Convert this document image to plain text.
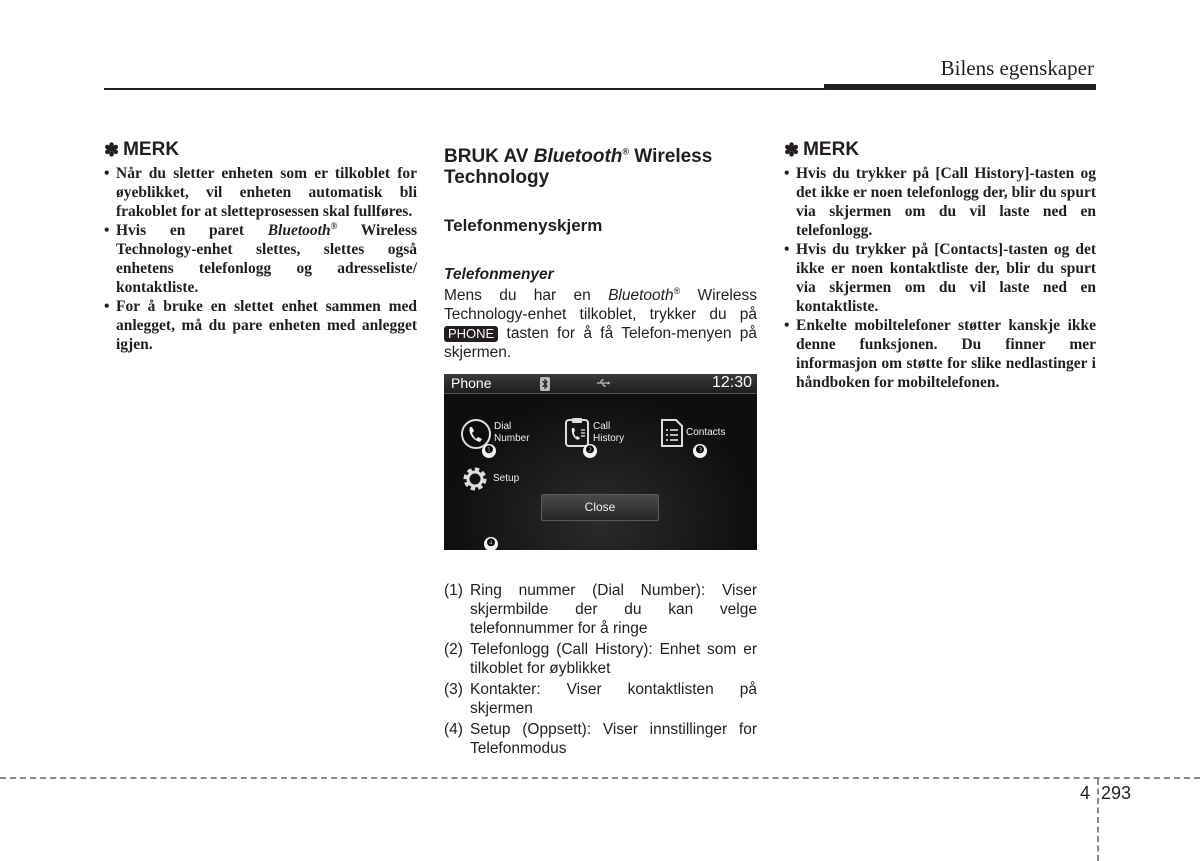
Bilens egenskaper
✽ MERK
• Når du sletter enheten som er tilkoblet for øyeblikket, vil enheten automatisk bli frakoblet for at sletteprosessen skal fullføres.
• Hvis en paret Bluetooth® Wireless Technology-enhet slettes, slettes også enhetens telefonlogg og adresseliste/ kontaktliste.
• For å bruke en slettet enhet sammen med anlegget, må du pare enheten med anlegget igjen.
BRUK AV Bluetooth® Wireless Technology
Telefonmenyskjerm
Telefonmenyer
Mens du har en Bluetooth® Wireless Technology-enhet tilkoblet, trykker du på PHONE tasten for å få Telefon-menyen på skjermen.
Phone	12:30
Dial
Number
Call
History
Contacts
Setup
❶	❷	❸
Close
❹
(1) Ring nummer (Dial Number): Viser skjermbilde der du kan velge telefonnummer for å ringe
(2) Telefonlogg (Call History): Enhet som er tilkoblet for øyblikket
(3) Kontakter: Viser kontaktlisten på skjermen
(4) Setup (Oppsett): Viser innstillinger for Telefonmodus
✽ MERK
• Hvis du trykker på [Call History]-tasten og det ikke er noen telefonlogg der, blir du spurt via skjermen om du vil laste ned en telefonlogg.
• Hvis du trykker på [Contacts]-tasten og det ikke er noen kontaktliste der, blir du spurt via skjermen om du vil laste ned en kontaktliste.
• Enkelte mobiltelefoner støtter kanskje ikke denne funksjonen. Du finner mer informasjon om støtte for slike nedlastinger i håndboken for mobiltelefonen.
4 293
